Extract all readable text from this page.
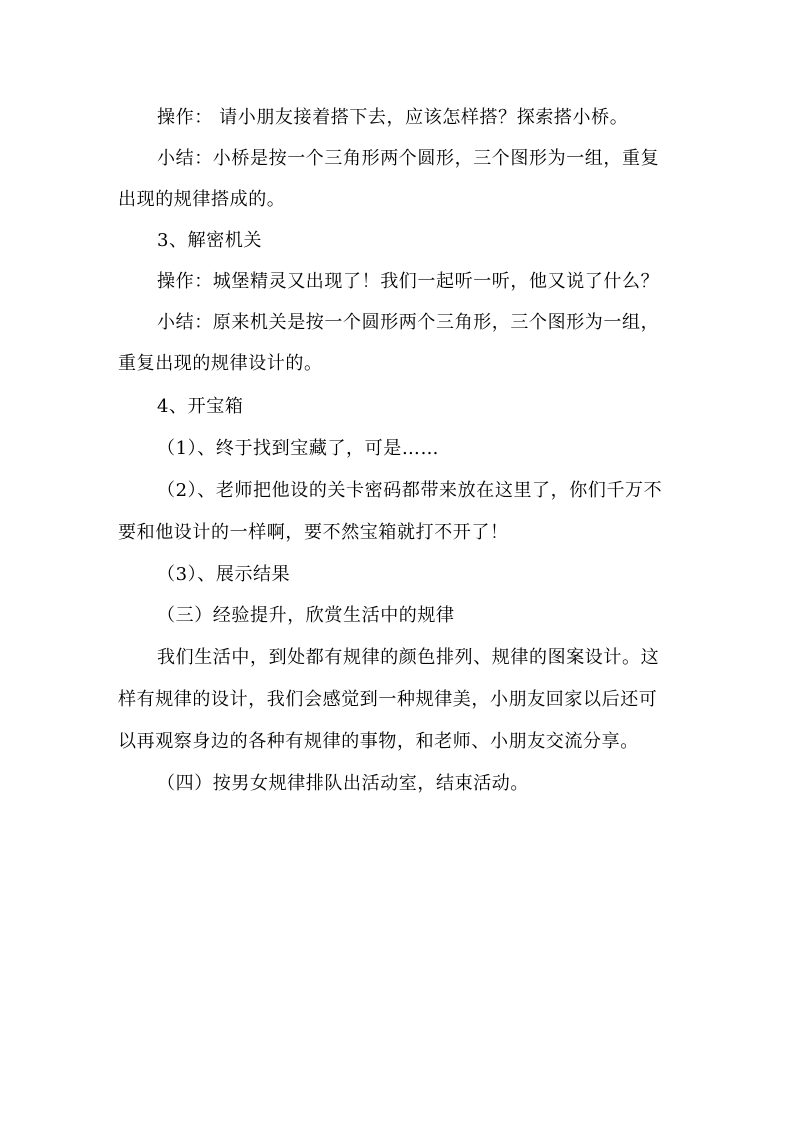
操作： 请小朋友接着搭下去，应该怎样搭？探索搭小桥。
小结：小桥是按一个三角形两个圆形，三个图形为一组，重复
出现的规律搭成的。
3、解密机关
操作：城堡精灵又出现了！我们一起听一听，他又说了什么？
小结：原来机关是按一个圆形两个三角形，三个图形为一组，
重复出现的规律设计的。
4、开宝箱
（1）、终于找到宝藏了，可是……
（2）、老师把他设的关卡密码都带来放在这里了，你们千万不
要和他设计的一样啊，要不然宝箱就打不开了！
（3）、展示结果
（三）经验提升，欣赏生活中的规律
我们生活中，到处都有规律的颜色排列、规律的图案设计。这
样有规律的设计，我们会感觉到一种规律美，小朋友回家以后还可
以再观察身边的各种有规律的事物，和老师、小朋友交流分享。
（四）按男女规律排队出活动室，结束活动。
